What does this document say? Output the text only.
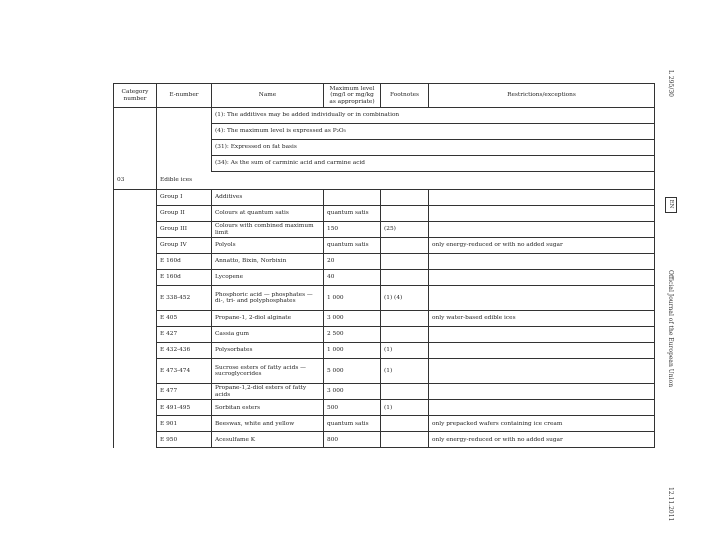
Category number	E-number	Name	Maximum level (mg/l or mg/kg as appropriate)	Footnotes	Restrictions/exceptions
		(1): The additives may be added individually or in combination			
		(4): The maximum level is expressed as P₂O₅			
		(31): Expressed on fat basis			
		(34): As the sum of carminic acid and carmine acid			
03	Edible ices				
	Group I	Additives			
	Group II	Colours at quantum satis	quantum satis		
	Group III	Colours with combined maximum limit	150	(25)	
	Group IV	Polyols	quantum satis		only energy-reduced or with no added sugar
	E 160d	Annatto, Bixin, Norbixin	20		
	E 160d	Lycopene	40		
	E 338-452	Phosphoric acid — phosphates — di-, tri- and polyphosphates	1 000	(1) (4)	
	E 405	Propane-1, 2-diol alginate	3 000		only water-based edible ices
	E 427	Cassia gum	2 500		
	E 432-436	Polysorbates	1 000	(1)	
	E 473-474	Sucrose esters of fatty acids — sucroglycerides	5 000	(1)	
	E 477	Propane-1,2-diol esters of fatty acids	3 000		
	E 491-495	Sorbitan esters	500	(1)	
	E 901	Beeswax, white and yellow	quantum satis		only prepacked wafers containing ice cream
	E 950	Acesulfame K	800		only energy-reduced or with no added sugar
L 295/30
EN
Official Journal of the European Union
12.11.2011
